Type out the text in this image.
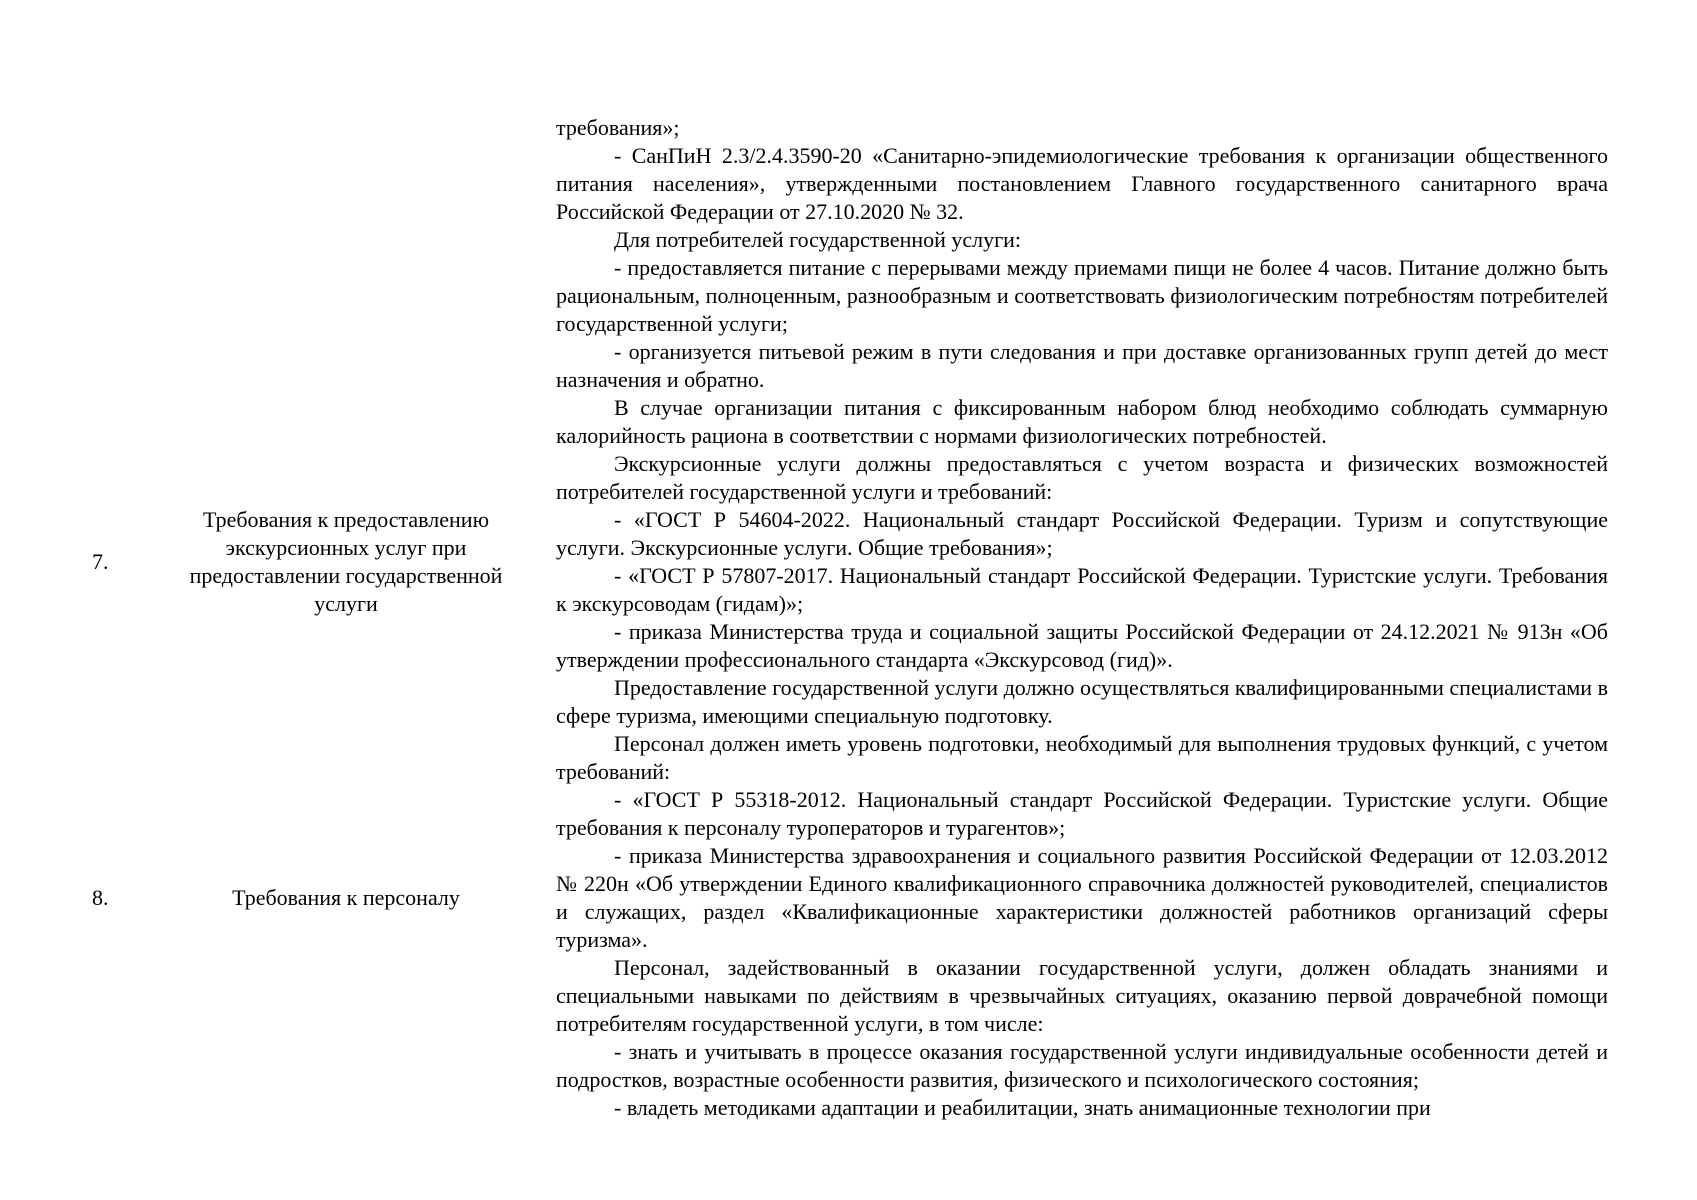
требования»;

- СанПиН 2.3/2.4.3590-20 «Санитарно-эпидемиологические требования к организации общественного питания населения», утвержденными постановлением Главного государственного санитарного врача Российской Федерации от 27.10.2020 № 32.

Для потребителей государственной услуги:

- предоставляется питание с перерывами между приемами пищи не более 4 часов. Питание должно быть рациональным, полноценным, разнообразным и соответствовать физиологическим потребностям потребителей государственной услуги;

- организуется питьевой режим в пути следования и при доставке организованных групп детей до мест назначения и обратно.

В случае организации питания с фиксированным набором блюд необходимо соблюдать суммарную калорийность рациона в соответствии с нормами физиологических потребностей.

7.
Требования к предоставлению экскурсионных услуг при предоставлении государственной услуги

Экскурсионные услуги должны предоставляться с учетом возраста и физических возможностей потребителей государственной услуги и требований:

- «ГОСТ Р 54604-2022. Национальный стандарт Российской Федерации. Туризм и сопутствующие услуги. Экскурсионные услуги. Общие требования»;

- «ГОСТ Р 57807-2017. Национальный стандарт Российской Федерации. Туристские услуги. Требования к экскурсоводам (гидам)»;

- приказа Министерства труда и социальной защиты Российской Федерации от 24.12.2021 № 913н «Об утверждении профессионального стандарта «Экскурсовод (гид)».

8.	Требования к персоналу

Предоставление государственной услуги должно осуществляться квалифицированными специалистами в сфере туризма, имеющими специальную подготовку.

Персонал должен иметь уровень подготовки, необходимый для выполнения трудовых функций, с учетом требований:

- «ГОСТ Р 55318-2012. Национальный стандарт Российской Федерации. Туристские услуги. Общие требования к персоналу туроператоров и турагентов»;

- приказа Министерства здравоохранения и социального развития Российской Федерации от 12.03.2012 № 220н «Об утверждении Единого квалификационного справочника должностей руководителей, специалистов и служащих, раздел «Квалификационные характеристики должностей работников организаций сферы туризма».

Персонал, задействованный в оказании государственной услуги, должен обладать знаниями и специальными навыками по действиям в чрезвычайных ситуациях, оказанию первой доврачебной помощи потребителям государственной услуги, в том числе:

- знать и учитывать в процессе оказания государственной услуги индивидуальные особенности детей и подростков, возрастные особенности развития, физического и психологического состояния;

- владеть методиками адаптации и реабилитации, знать анимационные технологии при
